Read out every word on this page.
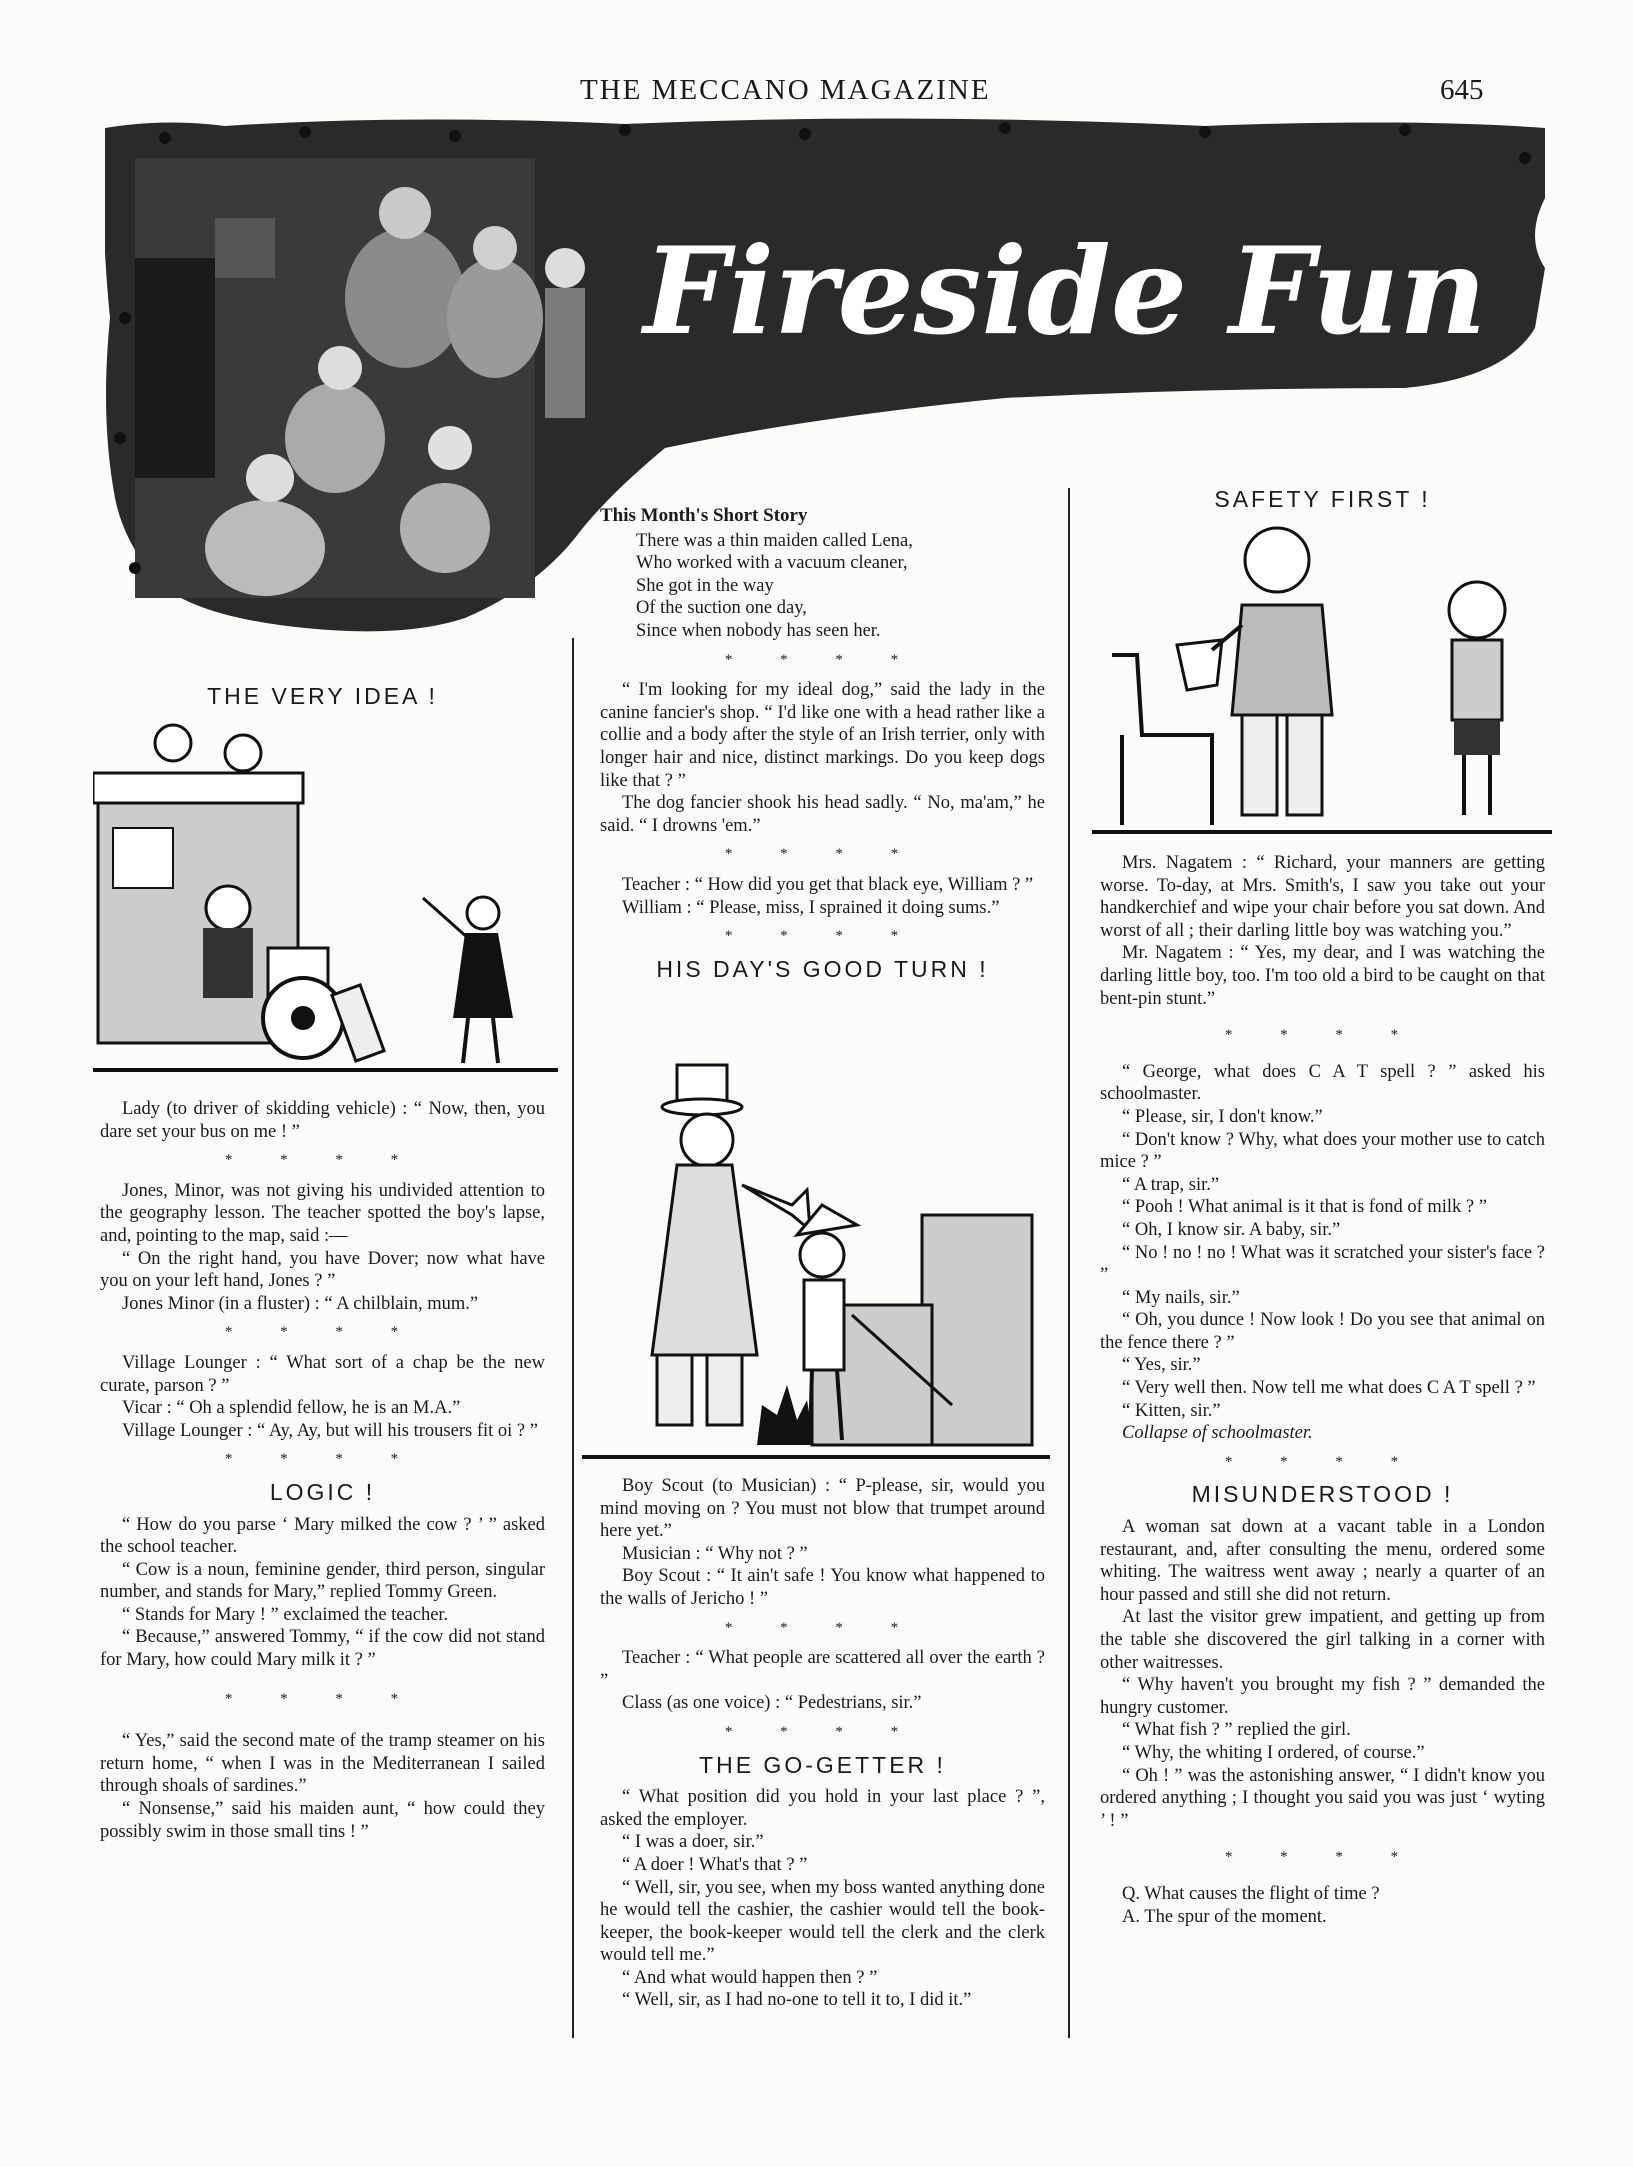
THE MECCANO MAGAZINE	645
Fireside Fun
THE VERY IDEA !

Lady (to driver of skidding vehicle) : “ Now, then, you dare set your bus on me ! ”

* * * *

Jones, Minor, was not giving his undivided attention to the geography lesson. The teacher spotted the boy's lapse, and, pointing to the map, said :—

“ On the right hand, you have Dover; now what have you on your left hand, Jones ? ”

Jones Minor (in a fluster) : “ A chilblain, mum.”

* * * *

Village Lounger : “ What sort of a chap be the new curate, parson ? ”

Vicar : “ Oh a splendid fellow, he is an M.A.”

Village Lounger : “ Ay, Ay, but will his trousers fit oi ? ”

* * * *
LOGIC !

“ How do you parse ‘ Mary milked the cow ? ’ ” asked the school teacher.

“ Cow is a noun, feminine gender, third person, singular number, and stands for Mary,” replied Tommy Green.

“ Stands for Mary ! ” exclaimed the teacher.

“ Because,” answered Tommy, “ if the cow did not stand for Mary, how could Mary milk it ? ”

* * * *

“ Yes,” said the second mate of the tramp steamer on his return home, “ when I was in the Mediterranean I sailed through shoals of sardines.”

“ Nonsense,” said his maiden aunt, “ how could they possibly swim in those small tins ! ”

This Month's Short Story

There was a thin maiden called Lena,

Who worked with a vacuum cleaner,

She got in the way

Of the suction one day,

Since when nobody has seen her.

* * * *

“ I'm looking for my ideal dog,” said the lady in the canine fancier's shop. “ I'd like one with a head rather like a collie and a body after the style of an Irish terrier, only with longer hair and nice, distinct markings. Do you keep dogs like that ? ”

The dog fancier shook his head sadly. “ No, ma'am,” he said. “ I drowns 'em.”

* * * *

Teacher : “ How did you get that black eye, William ? ”

William : “ Please, miss, I sprained it doing sums.”

* * * *
HIS DAY'S GOOD TURN !

Boy Scout (to Musician) : “ P-please, sir, would you mind moving on ? You must not blow that trumpet around here yet.”

Musician : “ Why not ? ”

Boy Scout : “ It ain't safe ! You know what happened to the walls of Jericho ! ”

* * * *

Teacher : “ What people are scattered all over the earth ? ”

Class (as one voice) : “ Pedestrians, sir.”

* * * *
THE GO-GETTER !

“ What position did you hold in your last place ? ”, asked the employer.

“ I was a doer, sir.”

“ A doer ! What's that ? ”

“ Well, sir, you see, when my boss wanted anything done he would tell the cashier, the cashier would tell the book-keeper, the book-keeper would tell the clerk and the clerk would tell me.”

“ And what would happen then ? ”

“ Well, sir, as I had no-one to tell it to, I did it.”

SAFETY FIRST !

Mrs. Nagatem : “ Richard, your manners are getting worse. To-day, at Mrs. Smith's, I saw you take out your handkerchief and wipe your chair before you sat down. And worst of all ; their darling little boy was watching you.”

Mr. Nagatem : “ Yes, my dear, and I was watching the darling little boy, too. I'm too old a bird to be caught on that bent-pin stunt.”

* * * *

“ George, what does C A T spell ? ” asked his schoolmaster.

“ Please, sir, I don't know.”

“ Don't know ? Why, what does your mother use to catch mice ? ”

“ A trap, sir.”

“ Pooh ! What animal is it that is fond of milk ? ”

“ Oh, I know sir. A baby, sir.”

“ No ! no ! no ! What was it scratched your sister's face ? ”

“ My nails, sir.”

“ Oh, you dunce ! Now look ! Do you see that animal on the fence there ? ”

“ Yes, sir.”

“ Very well then. Now tell me what does C A T spell ? ”

“ Kitten, sir.”

Collapse of schoolmaster.

* * * *
MISUNDERSTOOD !

A woman sat down at a vacant table in a London restaurant, and, after consulting the menu, ordered some whiting. The waitress went away ; nearly a quarter of an hour passed and still she did not return.

At last the visitor grew impatient, and getting up from the table she discovered the girl talking in a corner with other waitresses.

“ Why haven't you brought my fish ? ” demanded the hungry customer.

“ What fish ? ” replied the girl.

“ Why, the whiting I ordered, of course.”

“ Oh ! ” was the astonishing answer, “ I didn't know you ordered anything ; I thought you said you was just ‘ wyting ’ ! ”

* * * *

Q. What causes the flight of time ?

A. The spur of the moment.
